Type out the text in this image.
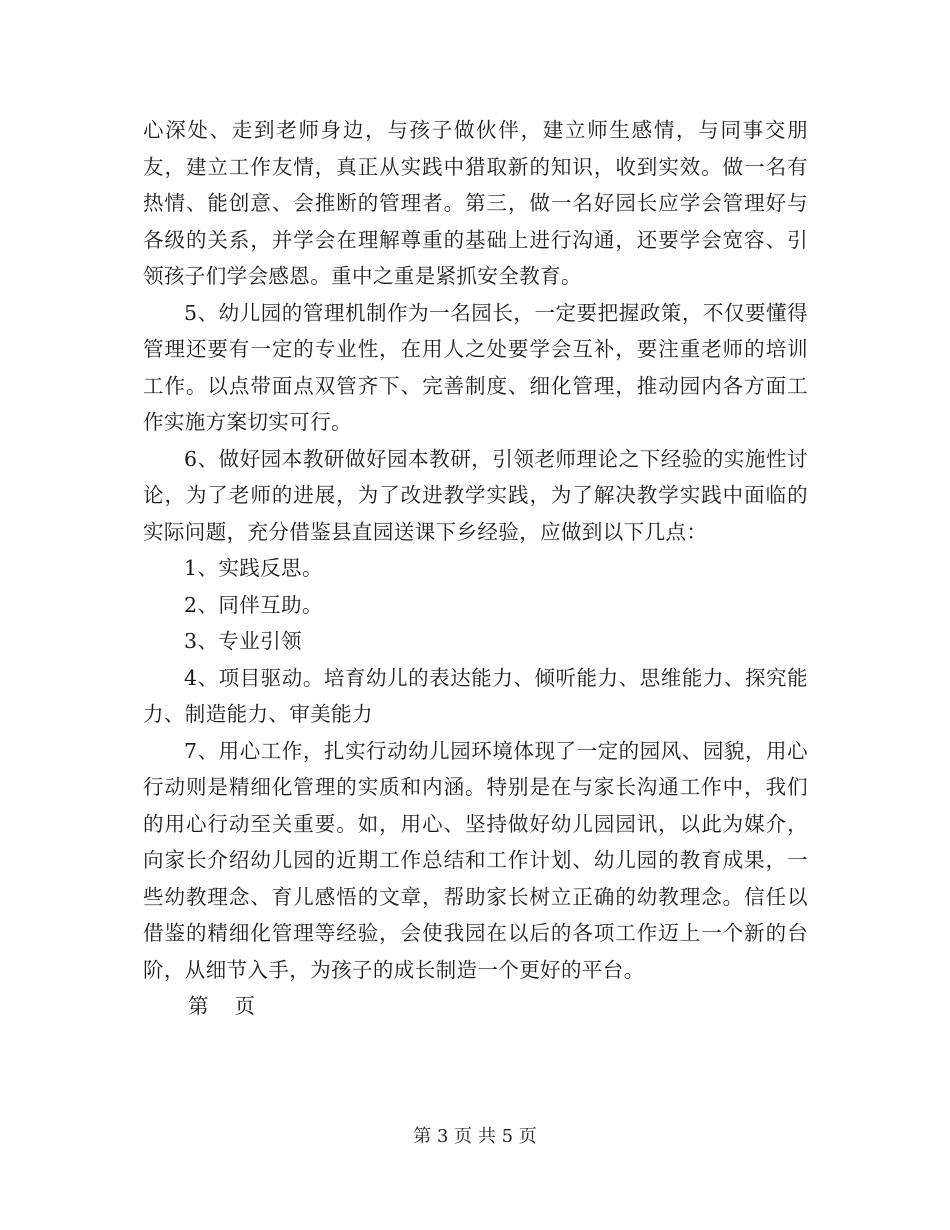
心深处、走到老师身边，与孩子做伙伴，建立师生感情，与同事交朋友，建立工作友情，真正从实践中猎取新的知识，收到实效。做一名有热情、能创意、会推断的管理者。第三，做一名好园长应学会管理好与各级的关系，并学会在理解尊重的基础上进行沟通，还要学会宽容、引领孩子们学会感恩。重中之重是紧抓安全教育。

5、幼儿园的管理机制作为一名园长，一定要把握政策，不仅要懂得管理还要有一定的专业性，在用人之处要学会互补，要注重老师的培训工作。以点带面点双管齐下、完善制度、细化管理，推动园内各方面工作实施方案切实可行。

6、做好园本教研做好园本教研，引领老师理论之下经验的实施性讨论，为了老师的进展，为了改进教学实践，为了解决教学实践中面临的实际问题，充分借鉴县直园送课下乡经验，应做到以下几点：

1、实践反思。

2、同伴互助。

3、专业引领

4、项目驱动。培育幼儿的表达能力、倾听能力、思维能力、探究能力、制造能力、审美能力

7、用心工作，扎实行动幼儿园环境体现了一定的园风、园貌，用心行动则是精细化管理的实质和内涵。特别是在与家长沟通工作中，我们的用心行动至关重要。如，用心、坚持做好幼儿园园讯，以此为媒介，向家长介绍幼儿园的近期工作总结和工作计划、幼儿园的教育成果，一些幼教理念、育儿感悟的文章，帮助家长树立正确的幼教理念。信任以借鉴的精细化管理等经验，会使我园在以后的各项工作迈上一个新的台阶，从细节入手，为孩子的成长制造一个更好的平台。

第 页

第 3 页 共 5 页
